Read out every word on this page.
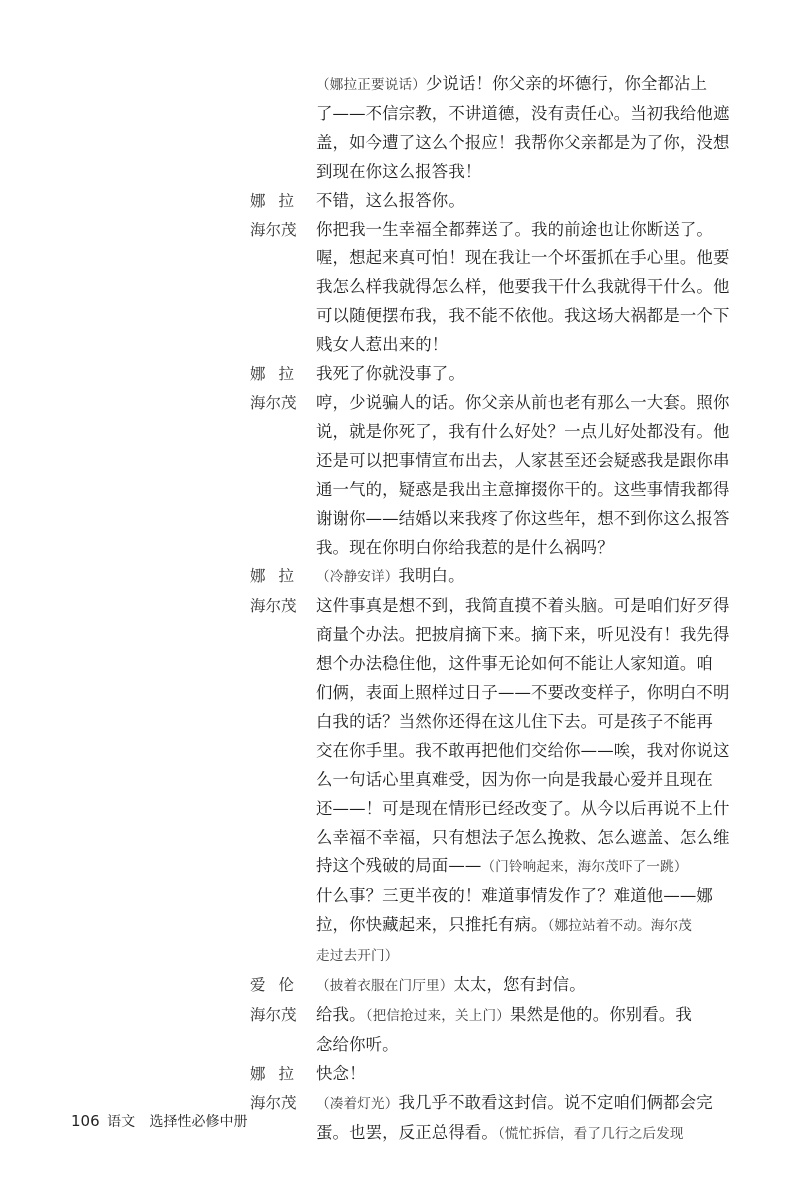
（娜拉正要说话）少说话！你父亲的坏德行，你全都沾上
了——不信宗教，不讲道德，没有责任心。当初我给他遮
盖，如今遭了这么个报应！我帮你父亲都是为了你，没想
到现在你这么报答我！
娜拉 不错，这么报答你。
海尔茂	你把我一生幸福全都葬送了。我的前途也让你断送了。
喔，想起来真可怕！现在我让一个坏蛋抓在手心里。他要
我怎么样我就得怎么样，他要我干什么我就得干什么。他
可以随便摆布我，我不能不依他。我这场大祸都是一个下
贱女人惹出来的！
娜拉 我死了你就没事了。
海尔茂	哼，少说骗人的话。你父亲从前也老有那么一大套。照你
说，就是你死了，我有什么好处？一点儿好处都没有。他
还是可以把事情宣布出去，人家甚至还会疑惑我是跟你串
通一气的，疑惑是我出主意撺掇你干的。这些事情我都得
谢谢你——结婚以来我疼了你这些年，想不到你这么报答
我。现在你明白你给我惹的是什么祸吗？
娜拉 （冷静安详）我明白。
海尔茂	这件事真是想不到，我简直摸不着头脑。可是咱们好歹得
商量个办法。把披肩摘下来。摘下来，听见没有！我先得
想个办法稳住他，这件事无论如何不能让人家知道。咱
们俩，表面上照样过日子——不要改变样子，你明白不明
白我的话？当然你还得在这儿住下去。可是孩子不能再
交在你手里。我不敢再把他们交给你——唉，我对你说这
么一句话心里真难受，因为你一向是我最心爱并且现在
还——！可是现在情形已经改变了。从今以后再说不上什
么幸福不幸福，只有想法子怎么挽救、怎么遮盖、怎么维
持这个残破的局面——（门铃响起来，海尔茂吓了一跳）
什么事？三更半夜的！难道事情发作了？难道他——娜
拉，你快藏起来，只推托有病。（娜拉站着不动。海尔茂
走过去开门）
爱伦 （披着衣服在门厅里）太太，您有封信。
海尔茂	给我。（把信抢过来，关上门）果然是他的。你别看。我
念给你听。
娜拉 快念！
海尔茂	（凑着灯光）我几乎不敢看这封信。说不定咱们俩都会完
蛋。也罢，反正总得看。（慌忙拆信，看了几行之后发现
106 语文 选择性必修中册
